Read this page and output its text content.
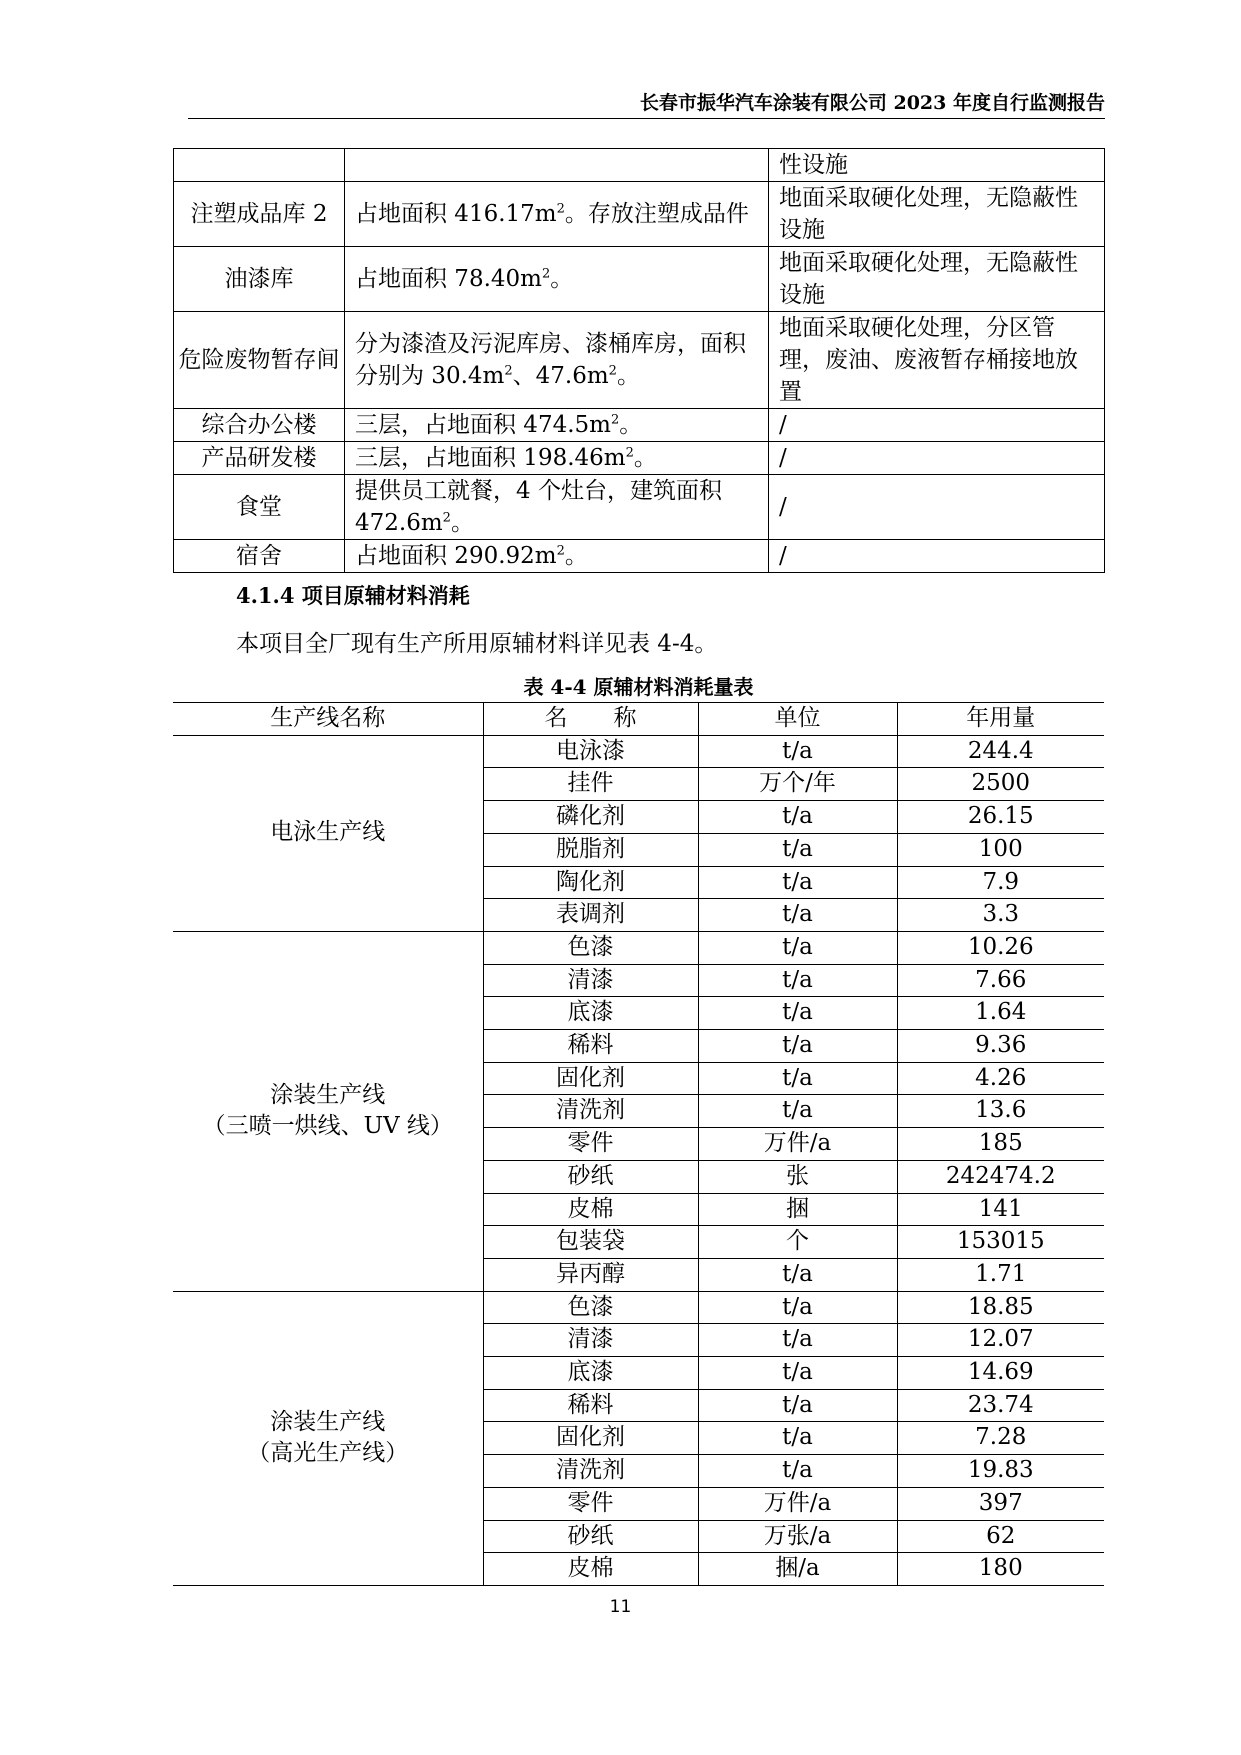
长春市振华汽车涂装有限公司 2023 年度自行监测报告
		性设施
注塑成品库 2	占地面积 $416.17m^2$。存放注塑成品件	地面采取硬化处理，无隐蔽性设施
油漆库	占地面积 $78.40m^2$。	地面采取硬化处理，无隐蔽性设施
危险废物暂存间	分为漆渣及污泥库房、漆桶库房，面积分别为 $30.4m^2$、$47.6m^2$。	地面采取硬化处理，分区管理，废油、废液暂存桶接地放置
综合办公楼	三层，占地面积 $474.5m^2$。	/
产品研发楼	三层，占地面积 $198.46m^2$。	/
食堂	提供员工就餐，4 个灶台，建筑面积 $472.6m^2$。	/
宿舍	占地面积 $290.92m^2$。	/
4.1.4 项目原辅材料消耗
本项目全厂现有生产所用原辅材料详见表 4-4。
表 4-4 原辅材料消耗量表
生产线名称	名　　称	单位	年用量
电泳生产线	电泳漆	t/a	244.4
	挂件	万个/年	2500
	磷化剂	t/a	26.15
	脱脂剂	t/a	100
	陶化剂	t/a	7.9
	表调剂	t/a	3.3
涂装生产线
（三喷一烘线、UV 线）	色漆	t/a	10.26
	清漆	t/a	7.66
	底漆	t/a	1.64
	稀料	t/a	9.36
	固化剂	t/a	4.26
	清洗剂	t/a	13.6
	零件	万件/a	185
	砂纸	张	242474.2
	皮棉	捆	141
	包装袋	个	153015
	异丙醇	t/a	1.71
涂装生产线
（高光生产线）	色漆	t/a	18.85
	清漆	t/a	12.07
	底漆	t/a	14.69
	稀料	t/a	23.74
	固化剂	t/a	7.28
	清洗剂	t/a	19.83
	零件	万件/a	397
	砂纸	万张/a	62
	皮棉	捆/a	180
11
